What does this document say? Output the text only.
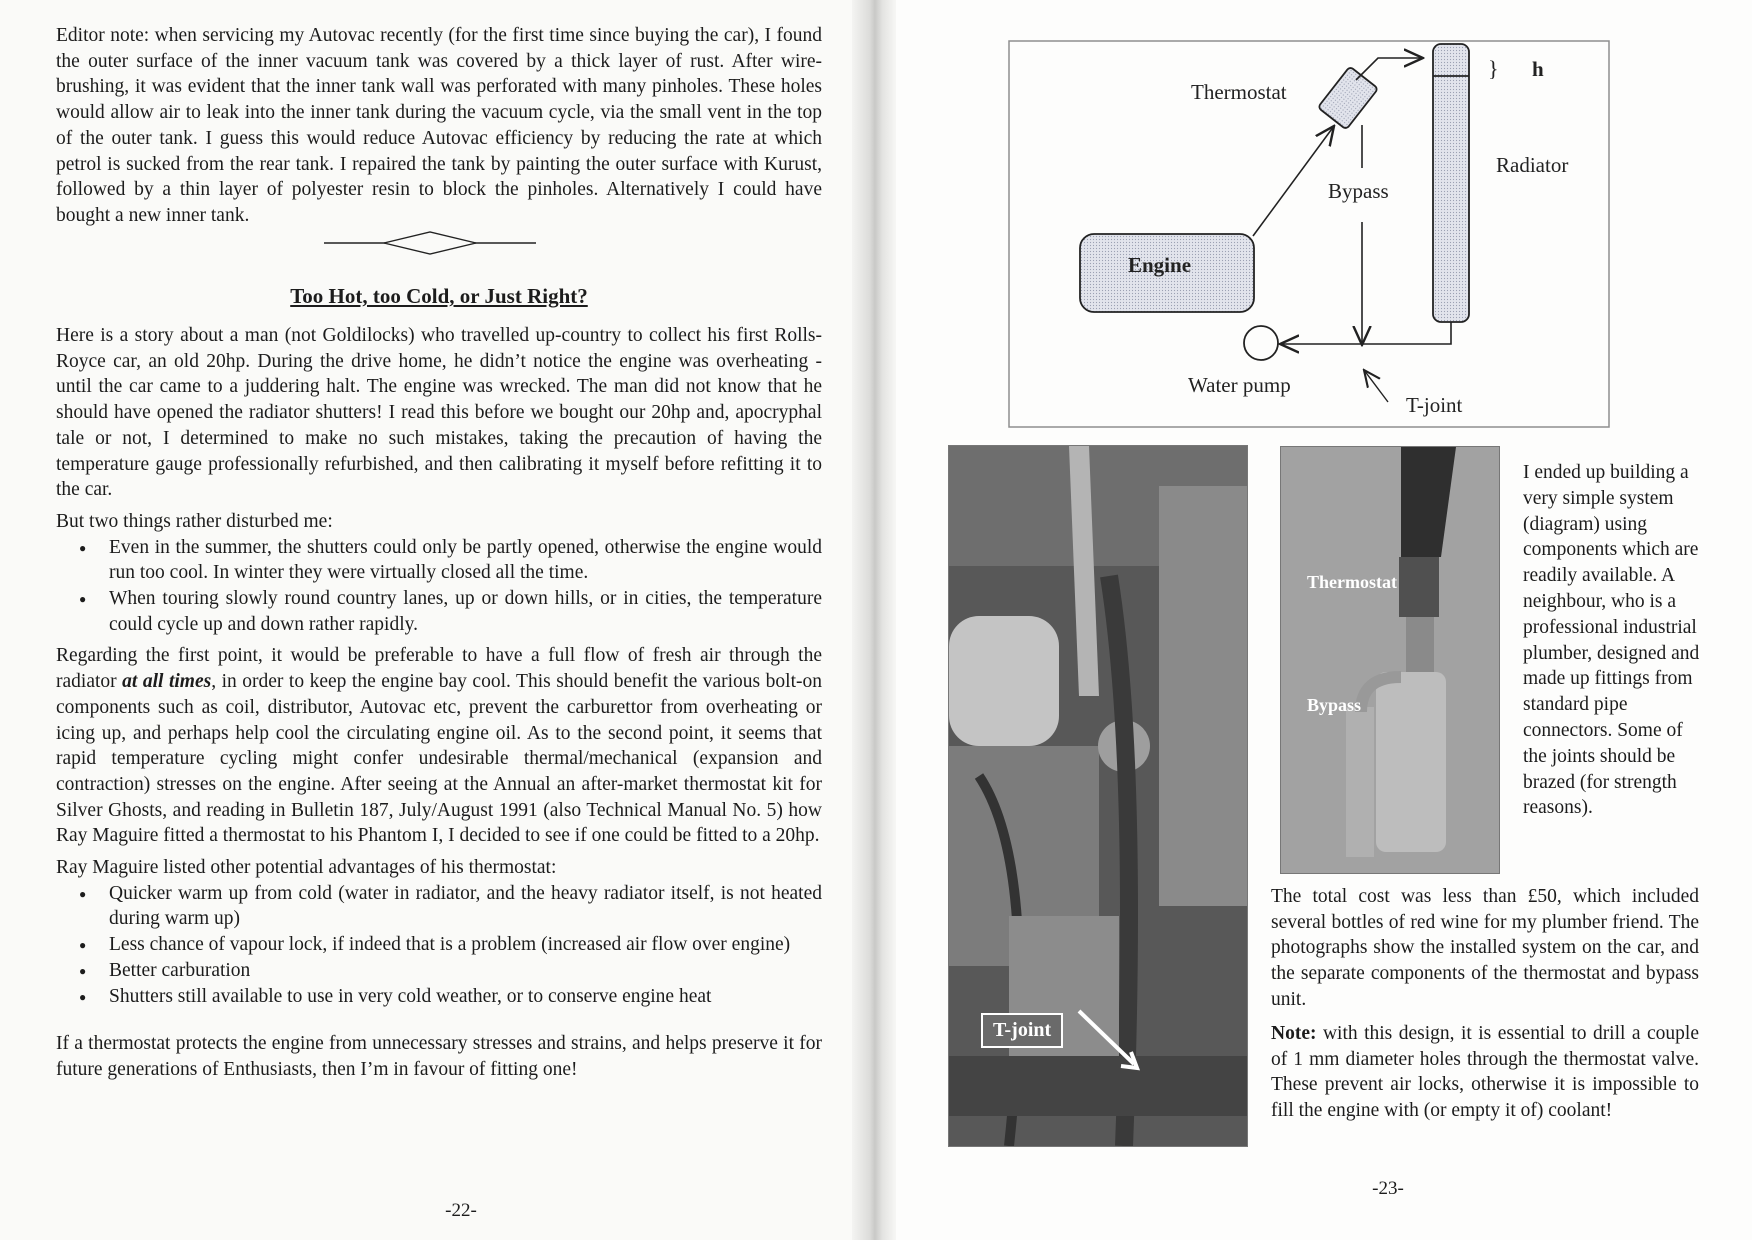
Editor note: when servicing my Autovac recently (for the first time since buying the car), I found the outer surface of the inner vacuum tank was covered by a thick layer of rust. After wire-brushing, it was evident that the inner tank wall was perforated with many pinholes. These holes would allow air to leak into the inner tank during the vacuum cycle, via the small vent in the top of the outer tank. I guess this would reduce Autovac efficiency by reducing the rate at which petrol is sucked from the rear tank. I repaired the tank by painting the outer surface with Kurust, followed by a thin layer of polyester resin to block the pinholes. Alternatively I could have bought a new inner tank.
Too Hot, too Cold, or Just Right?

Here is a story about a man (not Goldilocks) who travelled up-country to collect his first Rolls-Royce car, an old 20hp. During the drive home, he didn’t notice the engine was overheating - until the car came to a juddering halt. The engine was wrecked. The man did not know that he should have opened the radiator shutters! I read this before we bought our 20hp and, apocryphal tale or not, I determined to make no such mistakes, taking the precaution of having the temperature gauge professionally refurbished, and then calibrating it myself before refitting it to the car.

But two things rather disturbed me:

● Even in the summer, the shutters could only be partly opened, otherwise the engine would run too cool. In winter they were virtually closed all the time.
● When touring slowly round country lanes, up or down hills, or in cities, the temperature could cycle up and down rather rapidly.

Regarding the first point, it would be preferable to have a full flow of fresh air through the radiator at all times, in order to keep the engine bay cool. This should benefit the various bolt-on components such as coil, distributor, Autovac etc, prevent the carburettor from overheating or icing up, and perhaps help cool the circulating engine oil. As to the second point, it seems that rapid temperature cycling might confer undesirable thermal/mechanical (expansion and contraction) stresses on the engine. After seeing at the Annual an after-market thermostat kit for Silver Ghosts, and reading in Bulletin 187, July/August 1991 (also Technical Manual No. 5) how Ray Maguire fitted a thermostat to his Phantom I, I decided to see if one could be fitted to a 20hp.

Ray Maguire listed other potential advantages of his thermostat:

● Quicker warm up from cold (water in radiator, and the heavy radiator itself, is not heated during warm up)
● Less chance of vapour lock, if indeed that is a problem (increased air flow over engine)
● Better carburation
● Shutters still available to use in very cold weather, or to conserve engine heat

If a thermostat protects the engine from unnecessary stresses and strains, and helps preserve it for future generations of Enthusiasts, then I’m in favour of fitting one!

-22-
Thermostat
Bypass
Radiator
Engine
Water pump
T-joint
} h
T-joint
Thermostat
Bypass
I ended up building a very simple system (diagram) using components which are readily available. A neighbour, who is a professional industrial plumber, designed and made up fittings from standard pipe connectors. Some of the joints should be brazed (for strength reasons).
The total cost was less than £50, which included several bottles of red wine for my plumber friend. The photographs show the installed system on the car, and the separate components of the thermostat and bypass unit.
Note: with this design, it is essential to drill a couple of 1 mm diameter holes through the thermostat valve. These prevent air locks, otherwise it is impossible to fill the engine with (or empty it of) coolant!
-23-
